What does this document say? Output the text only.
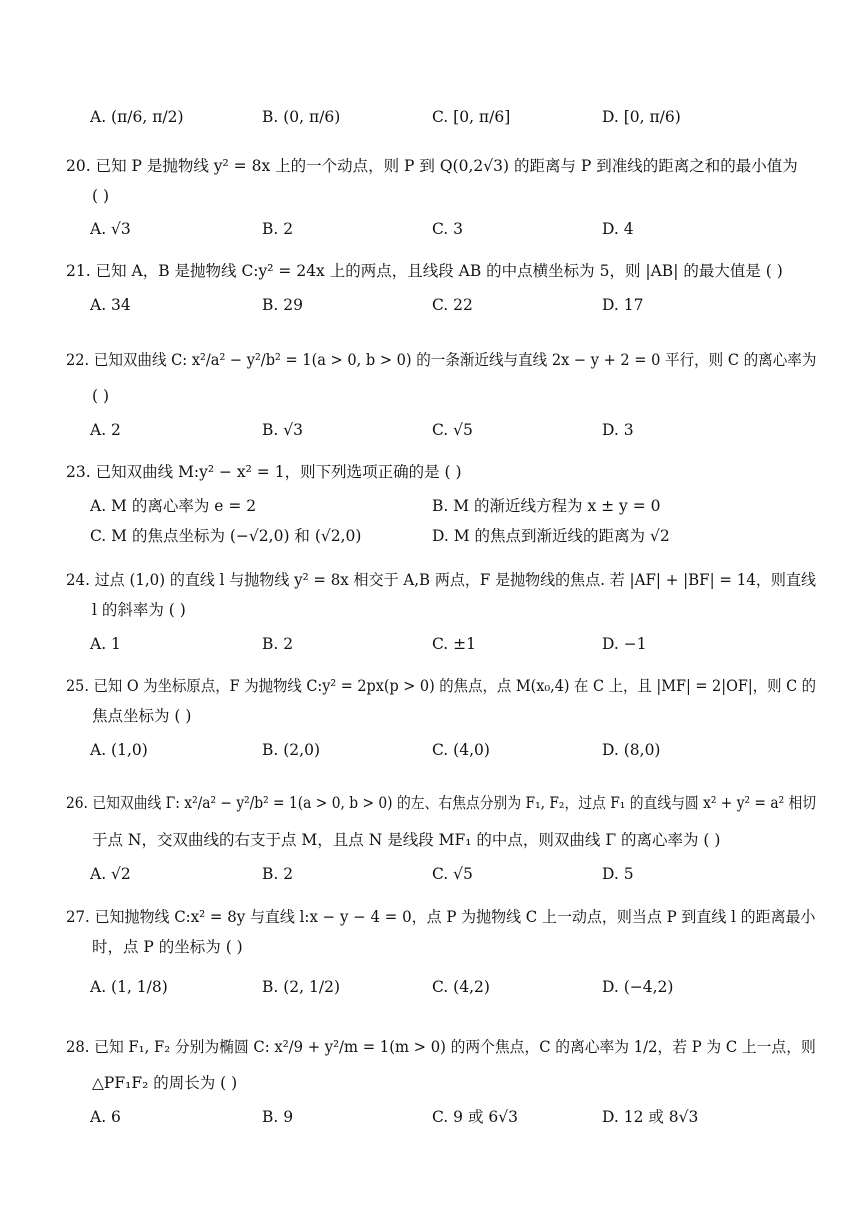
A. (π/6, π/2)	B. (0, π/6)	C. [0, π/6]	D. [0, π/6)
20. 已知 P 是抛物线 y² = 8x 上的一个动点，则 P 到 Q(0,2√3) 的距离与 P 到准线的距离之和的最小值为
( )
A. √3	B. 2	C. 3	D. 4
21. 已知 A，B 是抛物线 C:y² = 24x 上的两点，且线段 AB 的中点横坐标为 5，则 |AB| 的最大值是 ( )
A. 34	B. 29	C. 22	D. 17
22. 已知双曲线 C: x²/a² − y²/b² = 1(a > 0, b > 0) 的一条渐近线与直线 2x − y + 2 = 0 平行，则 C 的离心率为
( )
A. 2	B. √3	C. √5	D. 3
23. 已知双曲线 M:y² − x² = 1，则下列选项正确的是 ( )
A. M 的离心率为 e = 2	B. M 的渐近线方程为 x ± y = 0
C. M 的焦点坐标为 (−√2,0) 和 (√2,0)	D. M 的焦点到渐近线的距离为 √2
24. 过点 (1,0) 的直线 l 与抛物线 y² = 8x 相交于 A,B 两点，F 是抛物线的焦点. 若 |AF| + |BF| = 14，则直线
l 的斜率为 ( )
A. 1	B. 2	C. ±1	D. −1
25. 已知 O 为坐标原点，F 为抛物线 C:y² = 2px(p > 0) 的焦点，点 M(x₀,4) 在 C 上，且 |MF| = 2|OF|，则 C 的
焦点坐标为 ( )
A. (1,0)	B. (2,0)	C. (4,0)	D. (8,0)
26. 已知双曲线 Γ: x²/a² − y²/b² = 1(a > 0, b > 0) 的左、右焦点分别为 F₁, F₂，过点 F₁ 的直线与圆 x² + y² = a² 相切
于点 N，交双曲线的右支于点 M，且点 N 是线段 MF₁ 的中点，则双曲线 Γ 的离心率为 ( )
A. √2	B. 2	C. √5	D. 5
27. 已知抛物线 C:x² = 8y 与直线 l:x − y − 4 = 0，点 P 为抛物线 C 上一动点，则当点 P 到直线 l 的距离最小
时，点 P 的坐标为 ( )
A. (1, 1/8)	B. (2, 1/2)	C. (4,2)	D. (−4,2)
28. 已知 F₁, F₂ 分别为椭圆 C: x²/9 + y²/m = 1(m > 0) 的两个焦点，C 的离心率为 1/2，若 P 为 C 上一点，则
△PF₁F₂ 的周长为 ( )
A. 6	B. 9	C. 9 或 6√3	D. 12 或 8√3
